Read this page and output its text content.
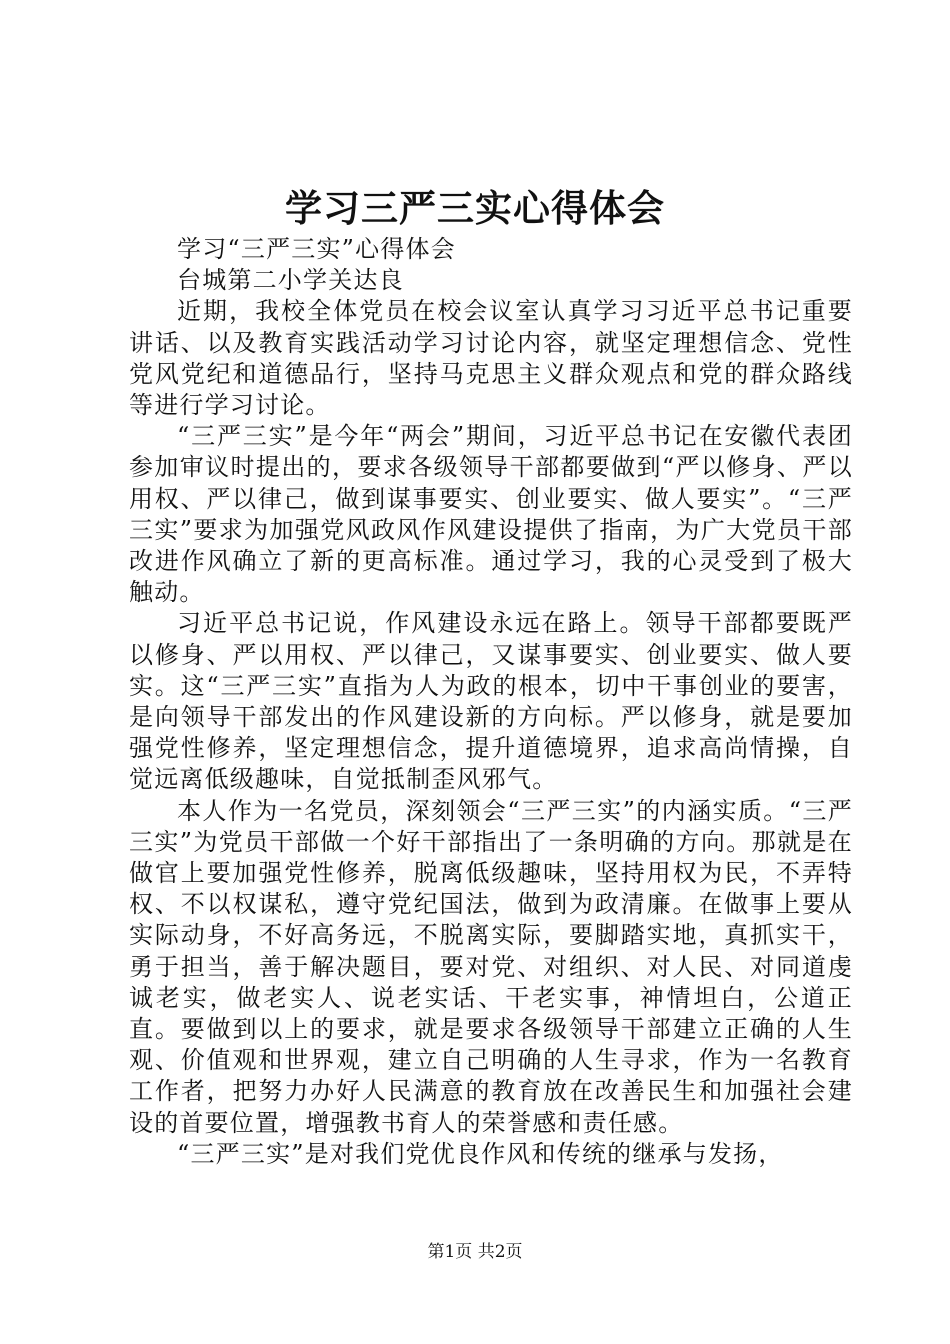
学习三严三实心得体会

学习“三严三实”心得体会

台城第二小学关达良

近期，我校全体党员在校会议室认真学习习近平总书记重要讲话、以及教育实践活动学习讨论内容，就坚定理想信念、党性党风党纪和道德品行，坚持马克思主义群众观点和党的群众路线等进行学习讨论。

“三严三实”是今年“两会”期间，习近平总书记在安徽代表团参加审议时提出的，要求各级领导干部都要做到“严以修身、严以用权、严以律己，做到谋事要实、创业要实、做人要实”。“三严三实”要求为加强党风政风作风建设提供了指南，为广大党员干部改进作风确立了新的更高标准。通过学习，我的心灵受到了极大触动。

习近平总书记说，作风建设永远在路上。领导干部都要既严以修身、严以用权、严以律己，又谋事要实、创业要实、做人要实。这“三严三实”直指为人为政的根本，切中干事创业的要害，是向领导干部发出的作风建设新的方向标。严以修身，就是要加强党性修养，坚定理想信念，提升道德境界，追求高尚情操，自觉远离低级趣味，自觉抵制歪风邪气。

本人作为一名党员，深刻领会“三严三实”的内涵实质。“三严三实”为党员干部做一个好干部指出了一条明确的方向。那就是在做官上要加强党性修养，脱离低级趣味，坚持用权为民，不弄特权、不以权谋私，遵守党纪国法，做到为政清廉。在做事上要从实际动身，不好高务远，不脱离实际，要脚踏实地，真抓实干，勇于担当，善于解决题目，要对党、对组织、对人民、对同道虔诚老实，做老实人、说老实话、干老实事，神情坦白，公道正直。要做到以上的要求，就是要求各级领导干部建立正确的人生观、价值观和世界观，建立自己明确的人生寻求，作为一名教育工作者，把努力办好人民满意的教育放在改善民生和加强社会建设的首要位置，增强教书育人的荣誉感和责任感。

“三严三实”是对我们党优良作风和传统的继承与发扬，

第1页 共2页
